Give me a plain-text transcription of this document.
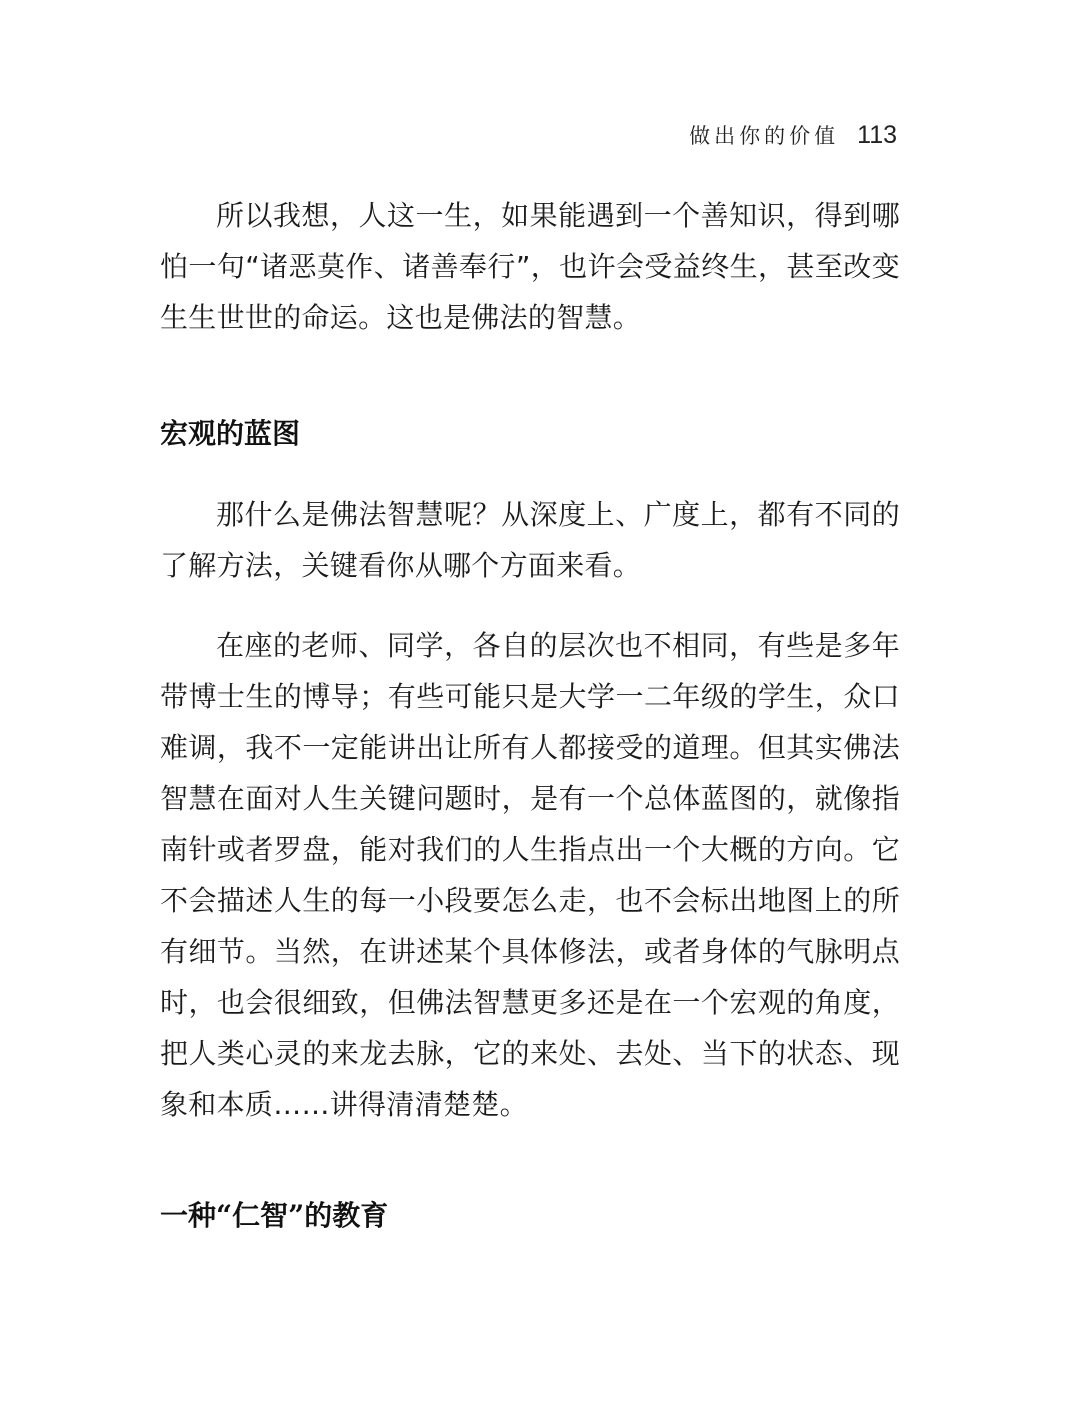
做出你的价值 113

所以我想，人这一生，如果能遇到一个善知识，得到哪怕一句“诸恶莫作、诸善奉行”，也许会受益终生，甚至改变生生世世的命运。这也是佛法的智慧。

宏观的蓝图

那什么是佛法智慧呢？从深度上、广度上，都有不同的了解方法，关键看你从哪个方面来看。

在座的老师、同学，各自的层次也不相同，有些是多年带博士生的博导；有些可能只是大学一二年级的学生，众口难调，我不一定能讲出让所有人都接受的道理。但其实佛法智慧在面对人生关键问题时，是有一个总体蓝图的，就像指南针或者罗盘，能对我们的人生指点出一个大概的方向。它不会描述人生的每一小段要怎么走，也不会标出地图上的所有细节。当然，在讲述某个具体修法，或者身体的气脉明点时，也会很细致，但佛法智慧更多还是在一个宏观的角度，把人类心灵的来龙去脉，它的来处、去处、当下的状态、现象和本质……讲得清清楚楚。

一种“仁智”的教育
